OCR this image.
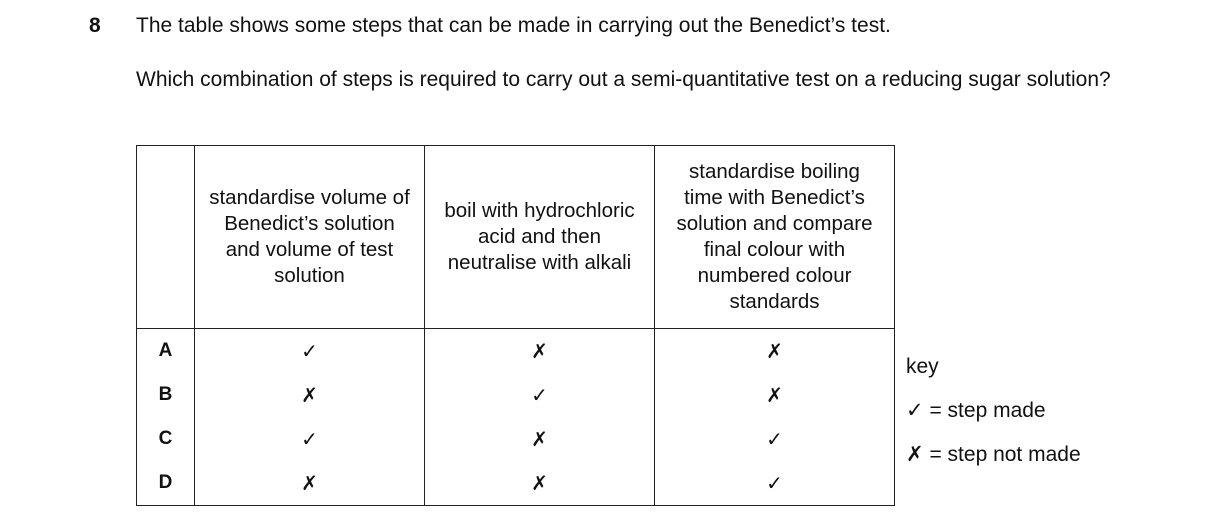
8 The table shows some steps that can be made in carrying out the Benedict’s test.
Which combination of steps is required to carry out a semi-quantitative test on a reducing sugar solution?

	standardise volume of Benedict’s solution and volume of test solution	boil with hydrochloric acid and then neutralise with alkali	standardise boiling time with Benedict’s solution and compare final colour with numbered colour standards

A	✓	✗	✗
B	✗	✓	✗
C	✓	✗	✓
D	✗	✗	✓
key
✓ = step made
✗ = step not made
